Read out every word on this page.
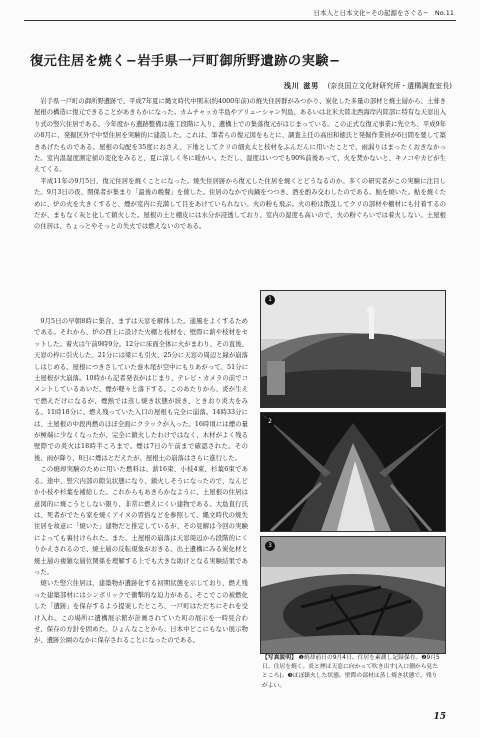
日本人と日本文化−その起源をさぐる−　No.11
復元住居を焼く−岩手県一戸町御所野遺跡の実験−
浅川 滋男 (奈良国立文化財研究所・遺構調査室長)

岩手県一戸町の御所野遺跡で、平成7年夏に縄文時代中期末(約4000年前)の焼失住居群がみつかり、炭化した多量の部材と焼土層から、土葺き屋根の構造に復元できることがあきらかになった。カムチャッカ半島やアリューシャン列島、あるいは北米大陸北西海岸内陸部に特有な天窓出入り式の竪穴住居である。今年度から遺跡整備は施工段階に入り、遺構上での集落復元がはじまっている。この正式な復元事業に先立ち、平成9年の8月に、発掘区外で中型住居を実験的に建設した。これは、筆者らの復元図をもとに、調査主任の高田和徳氏と発掘作業員が6日間を要して築きあげたものである。屋根の勾配を35度におさえ、下地としてクリの細丸太と枝材をふんだんに用いたことで、雨漏りはまったくおきなかった。室内温湿度測定値の変化をみると、夏に涼しく冬に暖かい。ただし、湿度はいつでも90%前後あって、火を焚かないと、キノコやカビが生えてくる。

平成11年の9月5日、復元住居を焼くことになった。焼失住居跡から復元した住居を焼くとどうなるのか。多くの研究者がこの実験に注目した。9月3日の夜、関係者が集まり「最後の晩餐」を催した。住居のなかで肉鍋をつつき、酒を酌み交わしたのである。鮎を焼いた。鮎を焼くために、炉の火を大きくすると、煙が室内に充満して目をあけていられない。火の粉も飛ぶ。火の粉は散乱してクリの部材や棚材にも付着するのだが、まもなく灰と化して鎮火した。屋根の土と棚皮には水分が浸透しており、室内の湿度も高いので、火の粉ぐらいでは着火しない。土屋根の住居は、ちょっとやそっとの失火では燃えないのである。

9月5日の早朝8時に集合、まずは天窓を解体した。通風をよくするためである。それから、炉の西上に設けた火棚と枝材を、壁際に薪や枝材をセットした。着火は午前9時9分。12分に床面全体に火がまわり、その直後、天窓の枠に引火した。21分には梁にも引火、25分に天窓の周辺と縁が崩落しはじめる。屋根につきさしていた巻木尾が空中にもりあがって、51分に土屋根が大崩落。10時から記者発表がはじまり、テレビ・カメラの前でコメントしているあいだ、煙が軽々と落下する。このあたりから、炎が生えで燃えだけになるが、煙熱では蒸し焼き状態が続き、ときおり炎大をみる。11時18分に、燃え残っていた入口の屋根も完全に崩落。14時33分には、土屋根の中段再燃のほぼ全面にクラックが入った。16時頃には煙の量が極端に少なくなったが、完全に鎮火したわけではなく、木材がよく残る壁際での炎火は18時半ころまで。煙は7日の午前まで確認された。その後、雨が降り、8日に煙はとだえたが、屋根土の崩落はさらに進行した。

この焼却実験のために用いた燃料は、薪16束、小枝4束、杉葉6束である。途中、竪穴内部の隙気状態になり、鎮火しそうになったので、なんどか小枝や杉葉を補給した。これからもあきらかなように、土屋根の住居は意図的に焼こうとしない限り、非常に燃えにくい建物である。大島直行氏は、死者がでたら家を焼くアイヌの習俗などを参照して、縄文時代の焼失住居を故意に「焼いた」建物だと推定しているが、その見解は今回の実験によっても裏付けられた。また、土屋根の崩落は天窓周辺から段階的にくりかえされるので、焼土層の反転現象がおきる。出土遺構にみる炭化材と焼土層の複雑な層位関係を理解する上でも大きな助けとなる実験結果であった。

焼いた竪穴住居は、建築物が遺跡化する初期状態を示しており、燃え残った建築部材にはシンボリックで衝撃的な迫力がある。そこでこの被燃化した「遺跡」を保存するよう提案したところ、一戸町はただちにそれを受け入れ、この場所に遺構展示館が計画されていた町の展示を一時見合わせ、保存の方針を固めた。ひょんなことから、日本中どこにもない展示物が、遺跡公園のなかに保存されることになったのである。

1
2
3
【写真説明】 ❶焼却前日の9月4日、住居を素測し記録保存。❷9月5日、住居を焼く。炎と煙は天窓に向かって吹き出す(入口側から見たところ)。❸ほぼ鎮火した状態。壁際の部材は蒸し焼き状態で、残りがよい。
15
